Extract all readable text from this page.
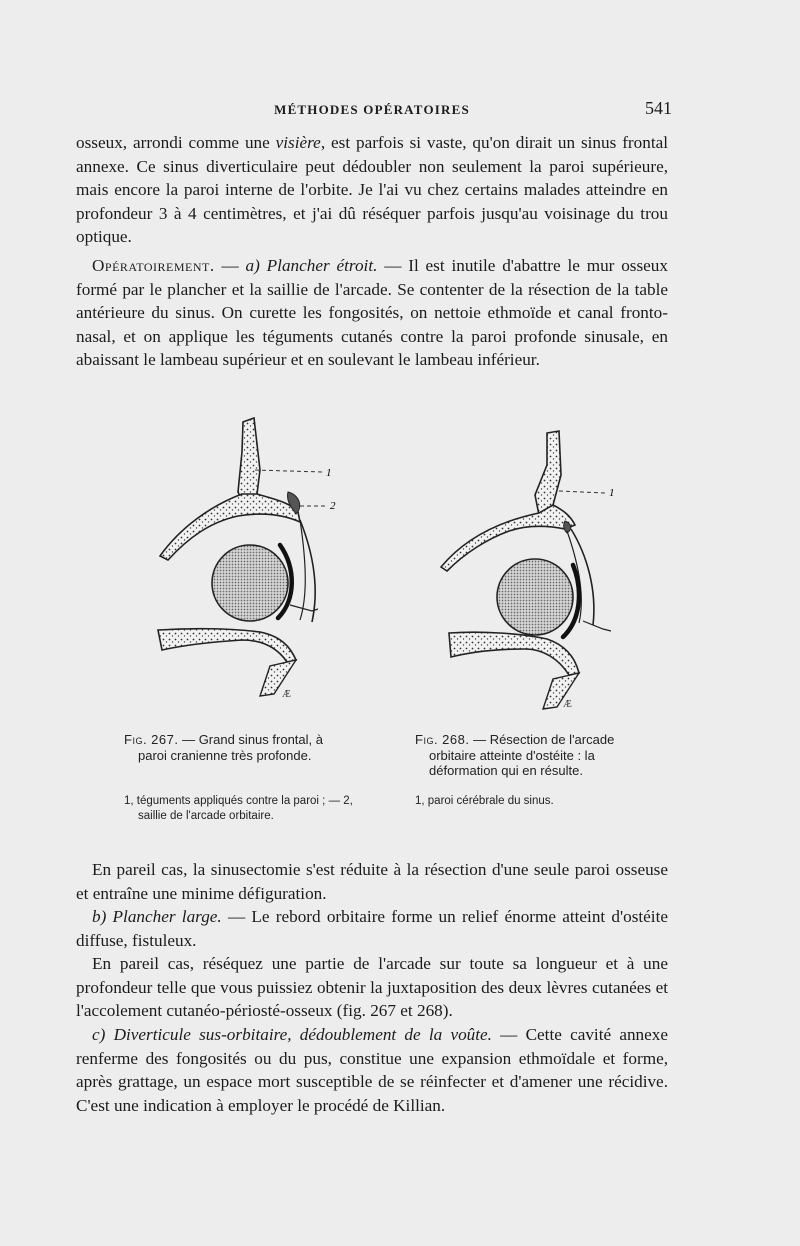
MÉTHODES OPÉRATOIRES	541

osseux, arrondi comme une visière, est parfois si vaste, qu'on dirait un sinus frontal annexe. Ce sinus diverticulaire peut dédoubler non seulement la paroi supérieure, mais encore la paroi interne de l'orbite. Je l'ai vu chez certains malades atteindre en profondeur 3 à 4 centimètres, et j'ai dû réséquer parfois jusqu'au voisinage du trou optique.

Opératoirement. — a) Plancher étroit. — Il est inutile d'abattre le mur osseux formé par le plancher et la saillie de l'arcade. Se contenter de la résection de la table antérieure du sinus. On curette les fongosités, on nettoie ethmoïde et canal fronto-nasal, et on applique les téguments cutanés contre la paroi profonde sinusale, en abaissant le lambeau supérieur et en soulevant le lambeau inférieur.

1
2
Æ
1
Æ

Fig. 267. — Grand sinus frontal, à paroi cranienne très profonde.

1, téguments appliqués contre la paroi ; — 2, saillie de l'arcade orbitaire.

Fig. 268. — Résection de l'arcade orbitaire atteinte d'ostéite : la déformation qui en résulte.

1, paroi cérébrale du sinus.

En pareil cas, la sinusectomie s'est réduite à la résection d'une seule paroi osseuse et entraîne une minime défiguration.

b) Plancher large. — Le rebord orbitaire forme un relief énorme atteint d'ostéite diffuse, fistuleux.

En pareil cas, réséquez une partie de l'arcade sur toute sa longueur et à une profondeur telle que vous puissiez obtenir la juxtaposition des deux lèvres cutanées et l'accolement cutanéo-périosté-osseux (fig. 267 et 268).

c) Diverticule sus-orbitaire, dédoublement de la voûte. — Cette cavité annexe renferme des fongosités ou du pus, constitue une expansion ethmoïdale et forme, après grattage, un espace mort susceptible de se réinfecter et d'amener une récidive. C'est une indication à employer le procédé de Killian.
